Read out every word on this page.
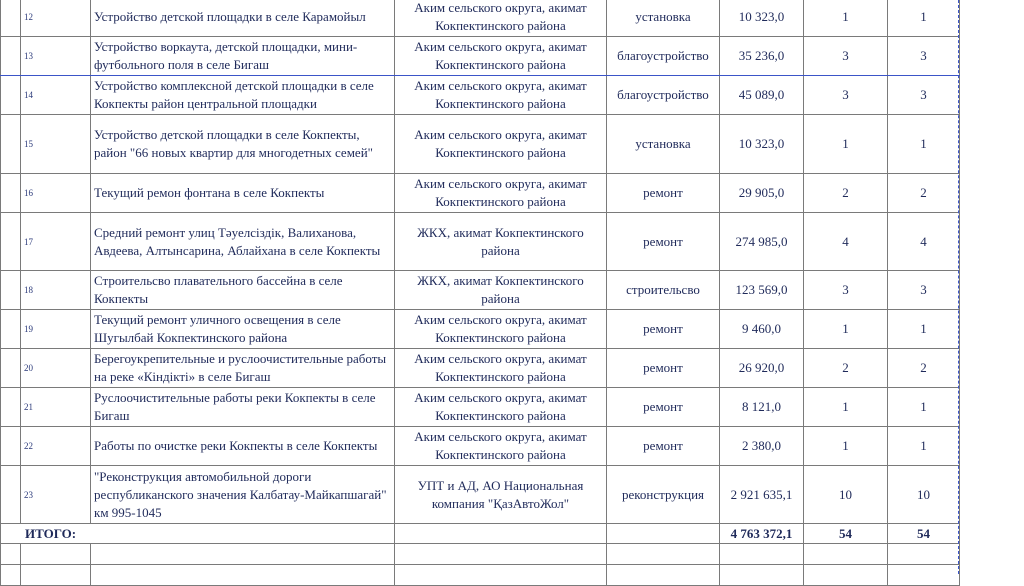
	12	Устройство детской площадки в селе Карамойыл	Аким сельского округа, акимат Кокпектинского района	установка	10 323,0	1	1
	13	Устройство воркаута, детской площадки, мини-футбольного поля в селе Бигаш	Аким сельского округа, акимат Кокпектинского района	благоустройство	35 236,0	3	3
	14	Устройство комплексной детской площадки в селе Кокпекты район центральной площадки	Аким сельского округа, акимат Кокпектинского района	благоустройство	45 089,0	3	3
	15	Устройство детской площадки в селе Кокпекты, район "66 новых квартир для многодетных семей"	Аким сельского округа, акимат Кокпектинского района	установка	10 323,0	1	1
	16	Текущий ремон фонтана в селе Кокпекты	Аким сельского округа, акимат Кокпектинского района	ремонт	29 905,0	2	2
	17	Средний ремонт улиц Тәуелсіздік, Валиханова, Авдеева, Алтынсарина, Аблайхана в селе Кокпекты	ЖКХ, акимат Кокпектинского района	ремонт	274 985,0	4	4
	18	Строительсво плавательного бассейна в селе Кокпекты	ЖКХ, акимат Кокпектинского района	строительсво	123 569,0	3	3
	19	Текущий ремонт уличного освещения в селе Шугылбай Кокпектинского района	Аким сельского округа, акимат Кокпектинского района	ремонт	9 460,0	1	1
	20	Берегоукрепительные и руслоочистительные работы на реке «Кіндікті» в селе Бигаш	Аким сельского округа, акимат Кокпектинского района	ремонт	26 920,0	2	2
	21	Руслоочистительные работы реки Кокпекты в селе Бигаш	Аким сельского округа, акимат Кокпектинского района	ремонт	8 121,0	1	1
	22	Работы по очистке реки Кокпекты в селе Кокпекты	Аким сельского округа, акимат Кокпектинского района	ремонт	2 380,0	1	1
	23	"Реконструкция автомобильной дороги республиканского значения Калбатау-Майкапшагай" км 995-1045	УПТ и АД, АО Национальная компания "ҚазАвтоЖол"	реконструкция	2 921 635,1	10	10
ИТОГО:					4 763 372,1	54	54
